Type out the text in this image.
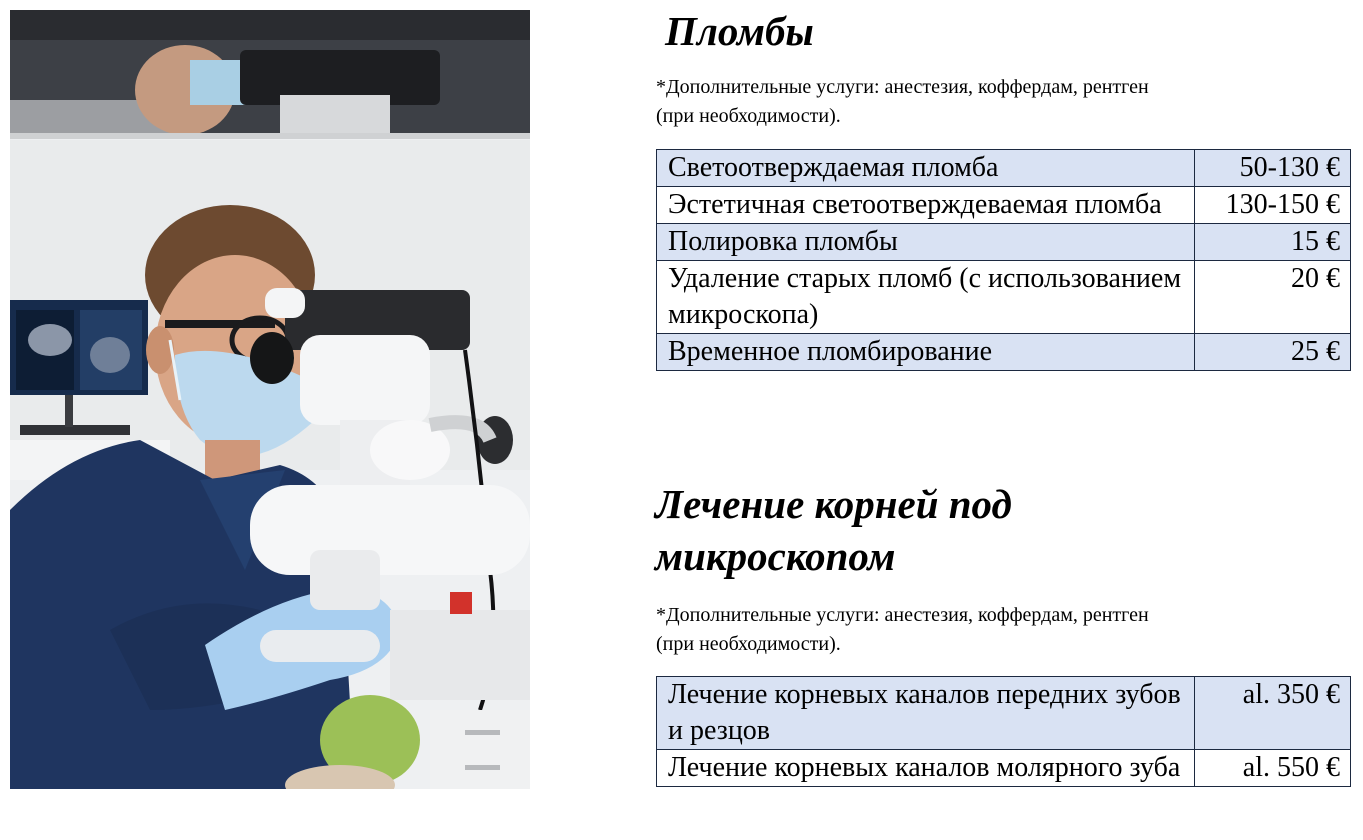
Пломбы
*Дополнительные услуги: анестезия, коффердам, рентген
(при необходимости).
Светоотверждаемая пломба	50-130 €
Эстетичная светоотверждеваемая пломба	130-150 €
Полировка пломбы	15 €
Удаление старых пломб (с использованием микроскопа)	20 €
Временное пломбирование	25 €
Лечение корней под
микроскопом
*Дополнительные услуги: анестезия, коффердам, рентген
(при необходимости).
Лечение корневых каналов передних зубов и резцов	al. 350 €
Лечение корневых каналов молярного зуба	al. 550 €
